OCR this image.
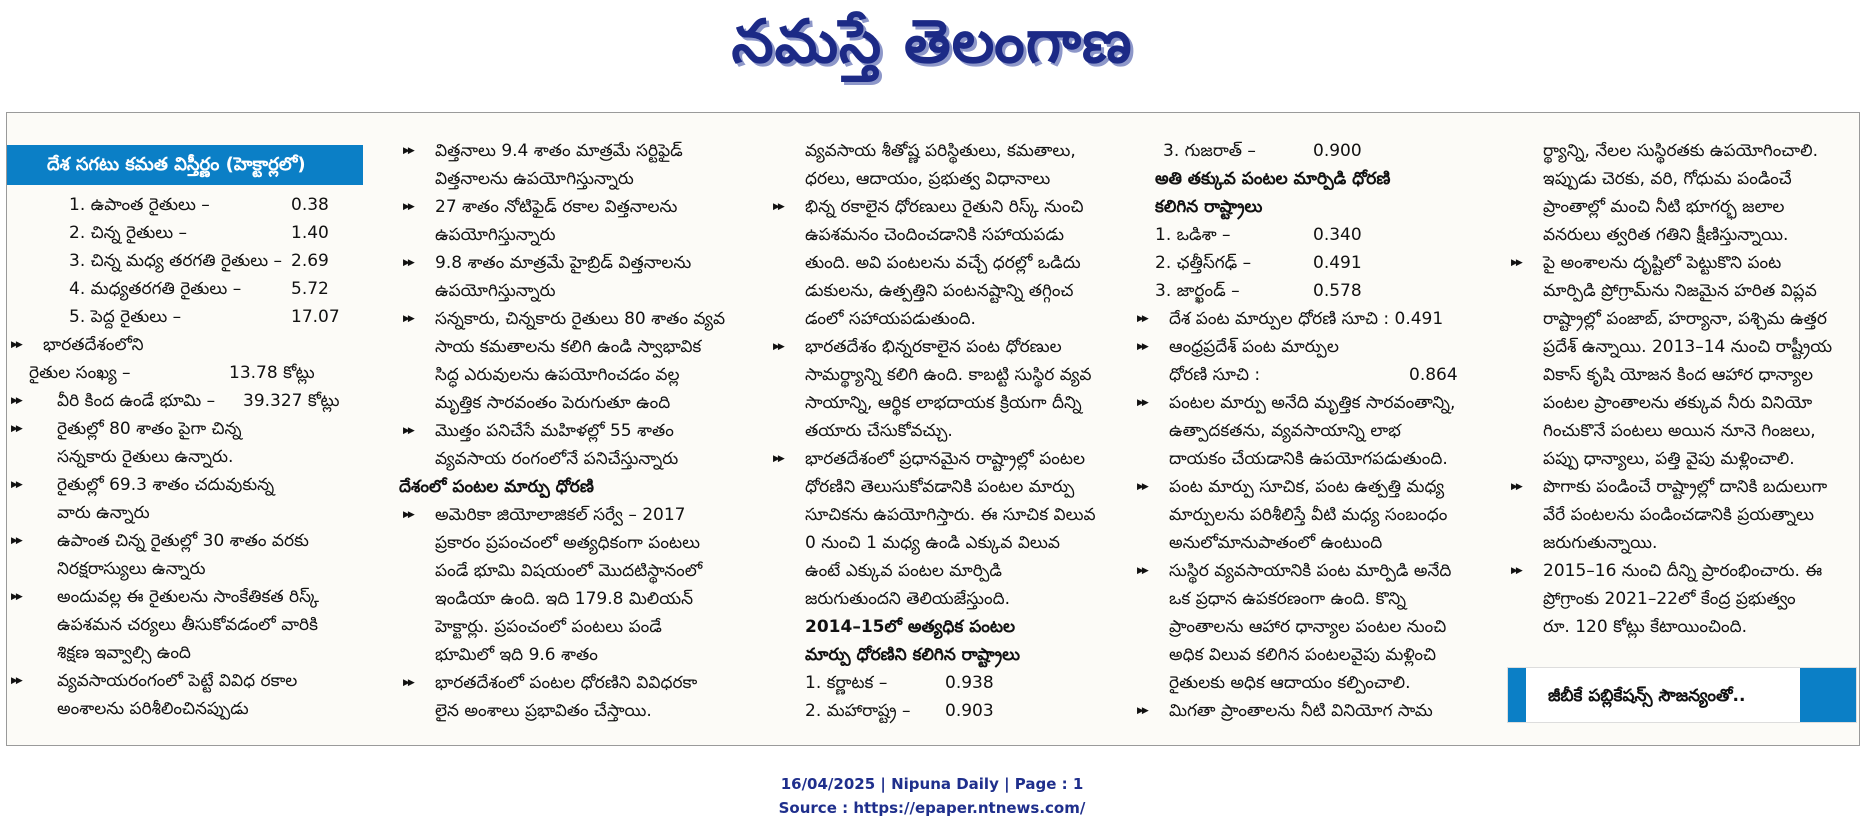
నమస్తే తెలంగాణ
దేశ సగటు కమత విస్తీర్ణం (హెక్టార్లలో)
1. ఉపాంత రైతులు –	0.38
2. చిన్న రైతులు –	1.40
3. చిన్న మధ్య తరగతి రైతులు – 2.69
4. మధ్యతరగతి రైతులు –	5.72
5. పెద్ద రైతులు –	17.07
▶▶ భారతదేశంలోని
రైతుల సంఖ్య –	13.78 కోట్లు
▶▶ వీరి కింద ఉండే భూమి –	39.327 కోట్లు
▶▶ రైతుల్లో 80 శాతం పైగా చిన్న
సన్నకారు రైతులు ఉన్నారు.
▶▶ రైతుల్లో 69.3 శాతం చదువుకున్న
వారు ఉన్నారు
▶▶ ఉపాంత చిన్న రైతుల్లో 30 శాతం వరకు
నిరక్షరాస్యులు ఉన్నారు
▶▶ అందువల్ల ఈ రైతులను సాంకేతికత రిస్క్
ఉపశమన చర్యలు తీసుకోవడంలో వారికి
శిక్షణ ఇవ్వాల్సి ఉంది
▶▶ వ్యవసాయరంగంలో పెట్టే వివిధ రకాల
అంశాలను పరిశీలించినప్పుడు
▶▶ విత్తనాలు 9.4 శాతం మాత్రమే సర్టిఫైడ్
విత్తనాలను ఉపయోగిస్తున్నారు
▶▶ 27 శాతం నోటిఫైడ్ రకాల విత్తనాలను
ఉపయోగిస్తున్నారు
▶▶ 9.8 శాతం మాత్రమే హైబ్రిడ్ విత్తనాలను
ఉపయోగిస్తున్నారు
▶▶ సన్నకారు, చిన్నకారు రైతులు 80 శాతం వ్యవ
సాయ కమతాలను కలిగి ఉండి స్వాభావిక
సిద్ధ ఎరువులను ఉపయోగించడం వల్ల
మృత్తిక సారవంతం పెరుగుతూ ఉంది
▶▶ మొత్తం పనిచేసే మహిళల్లో 55 శాతం
వ్యవసాయ రంగంలోనే పనిచేస్తున్నారు
దేశంలో పంటల మార్పు ధోరణి
▶▶ అమెరికా జియోలాజికల్ సర్వే – 2017
ప్రకారం ప్రపంచంలో అత్యధికంగా పంటలు
పండే భూమి విషయంలో మొదటిస్థానంలో
ఇండియా ఉంది. ఇది 179.8 మిలియన్
హెక్టార్లు. ప్రపంచంలో పంటలు పండే
భూమిలో ఇది 9.6 శాతం
▶▶ భారతదేశంలో పంటల ధోరణిని వివిధరకా
లైన అంశాలు ప్రభావితం చేస్తాయి.
వ్యవసాయ శీతోష్ణ పరిస్థితులు, కమతాలు,
ధరలు, ఆదాయం, ప్రభుత్వ విధానాలు
▶▶ భిన్న రకాలైన ధోరణులు రైతుని రిస్క్ నుంచి
ఉపశమనం చెందించడానికి సహాయపడు
తుంది. అవి పంటలను వచ్చే ధరల్లో ఒడిదు
డుకులను, ఉత్పత్తిని పంటనష్టాన్ని తగ్గించ
డంలో సహాయపడుతుంది.
▶▶ భారతదేశం భిన్నరకాలైన పంట ధోరణుల
సామర్థ్యాన్ని కలిగి ఉంది. కాబట్టి సుస్థిర వ్యవ
సాయాన్ని, ఆర్థిక లాభదాయక క్రియగా దీన్ని
తయారు చేసుకోవచ్చు.
▶▶ భారతదేశంలో ప్రధానమైన రాష్ట్రాల్లో పంటల
ధోరణిని తెలుసుకోవడానికి పంటల మార్పు
సూచికను ఉపయోగిస్తారు. ఈ సూచిక విలువ
0 నుంచి 1 మధ్య ఉండి ఎక్కువ విలువ
ఉంటే ఎక్కువ పంటల మార్పిడి
జరుగుతుందని తెలియజేస్తుంది.
2014–15లో అత్యధిక పంటల
మార్పు ధోరణిని కలిగిన రాష్ట్రాలు
1. కర్ణాటక –	0.938
2. మహారాష్ట్ర –	0.903
3. గుజరాత్ –	0.900
అతి తక్కువ పంటల మార్పిడి ధోరణి
కలిగిన రాష్ట్రాలు
1. ఒడిశా –	0.340
2. ఛత్తీస్‌గఢ్ –	0.491
3. జార్ఖండ్ –	0.578
▶▶ దేశ పంట మార్పుల ధోరణి సూచి : 0.491
▶▶ ఆంధ్రప్రదేశ్ పంట మార్పుల
ధోరణి సూచి :	0.864
▶▶ పంటల మార్పు అనేది మృత్తిక సారవంతాన్ని,
ఉత్పాదకతను, వ్యవసాయాన్ని లాభ
దాయకం చేయడానికి ఉపయోగపడుతుంది.
▶▶ పంట మార్పు సూచిక, పంట ఉత్పత్తి మధ్య
మార్పులను పరిశీలిస్తే వీటి మధ్య సంబంధం
అనులోమానుపాతంలో ఉంటుంది
▶▶ సుస్థిర వ్యవసాయానికి పంట మార్పిడి అనేది
ఒక ప్రధాన ఉపకరణంగా ఉంది. కొన్ని
ప్రాంతాలను ఆహార ధాన్యాల పంటల నుంచి
అధిక విలువ కలిగిన పంటలవైపు మళ్లించి
రైతులకు అధిక ఆదాయం కల్పించాలి.
▶▶ మిగతా ప్రాంతాలను నీటి వినియోగ సామ
ర్థ్యాన్ని, నేలల సుస్థిరతకు ఉపయోగించాలి.
ఇప్పుడు చెరకు, వరి, గోధుమ పండించే
ప్రాంతాల్లో మంచి నీటి భూగర్భ జలాల
వనరులు త్వరిత గతిని క్షీణిస్తున్నాయి.
▶▶ పై అంశాలను దృష్టిలో పెట్టుకొని పంట
మార్పిడి ప్రోగ్రామ్‌ను నిజమైన హరిత విప్లవ
రాష్ట్రాల్లో పంజాబ్, హర్యానా, పశ్చిమ ఉత్తర
ప్రదేశ్ ఉన్నాయి. 2013–14 నుంచి రాష్ట్రీయ
వికాస్ కృషి యోజన కింద ఆహార ధాన్యాల
పంటల ప్రాంతాలను తక్కువ నీరు వినియో
గించుకొనే పంటలు అయిన నూనె గింజలు,
పప్పు ధాన్యాలు, పత్తి వైపు మళ్లించాలి.
▶▶ పొగాకు పండించే రాష్ట్రాల్లో దానికి బదులుగా
వేరే పంటలను పండించడానికి ప్రయత్నాలు
జరుగుతున్నాయి.
▶▶ 2015–16 నుంచి దీన్ని ప్రారంభించారు. ఈ
ప్రోగ్రాంకు 2021–22లో కేంద్ర ప్రభుత్వం
రూ. 120 కోట్లు కేటాయించింది.
జీబీకే పబ్లికేషన్స్ సౌజన్యంతో..
16/04/2025 | Nipuna Daily | Page : 1
Source : https://epaper.ntnews.com/
